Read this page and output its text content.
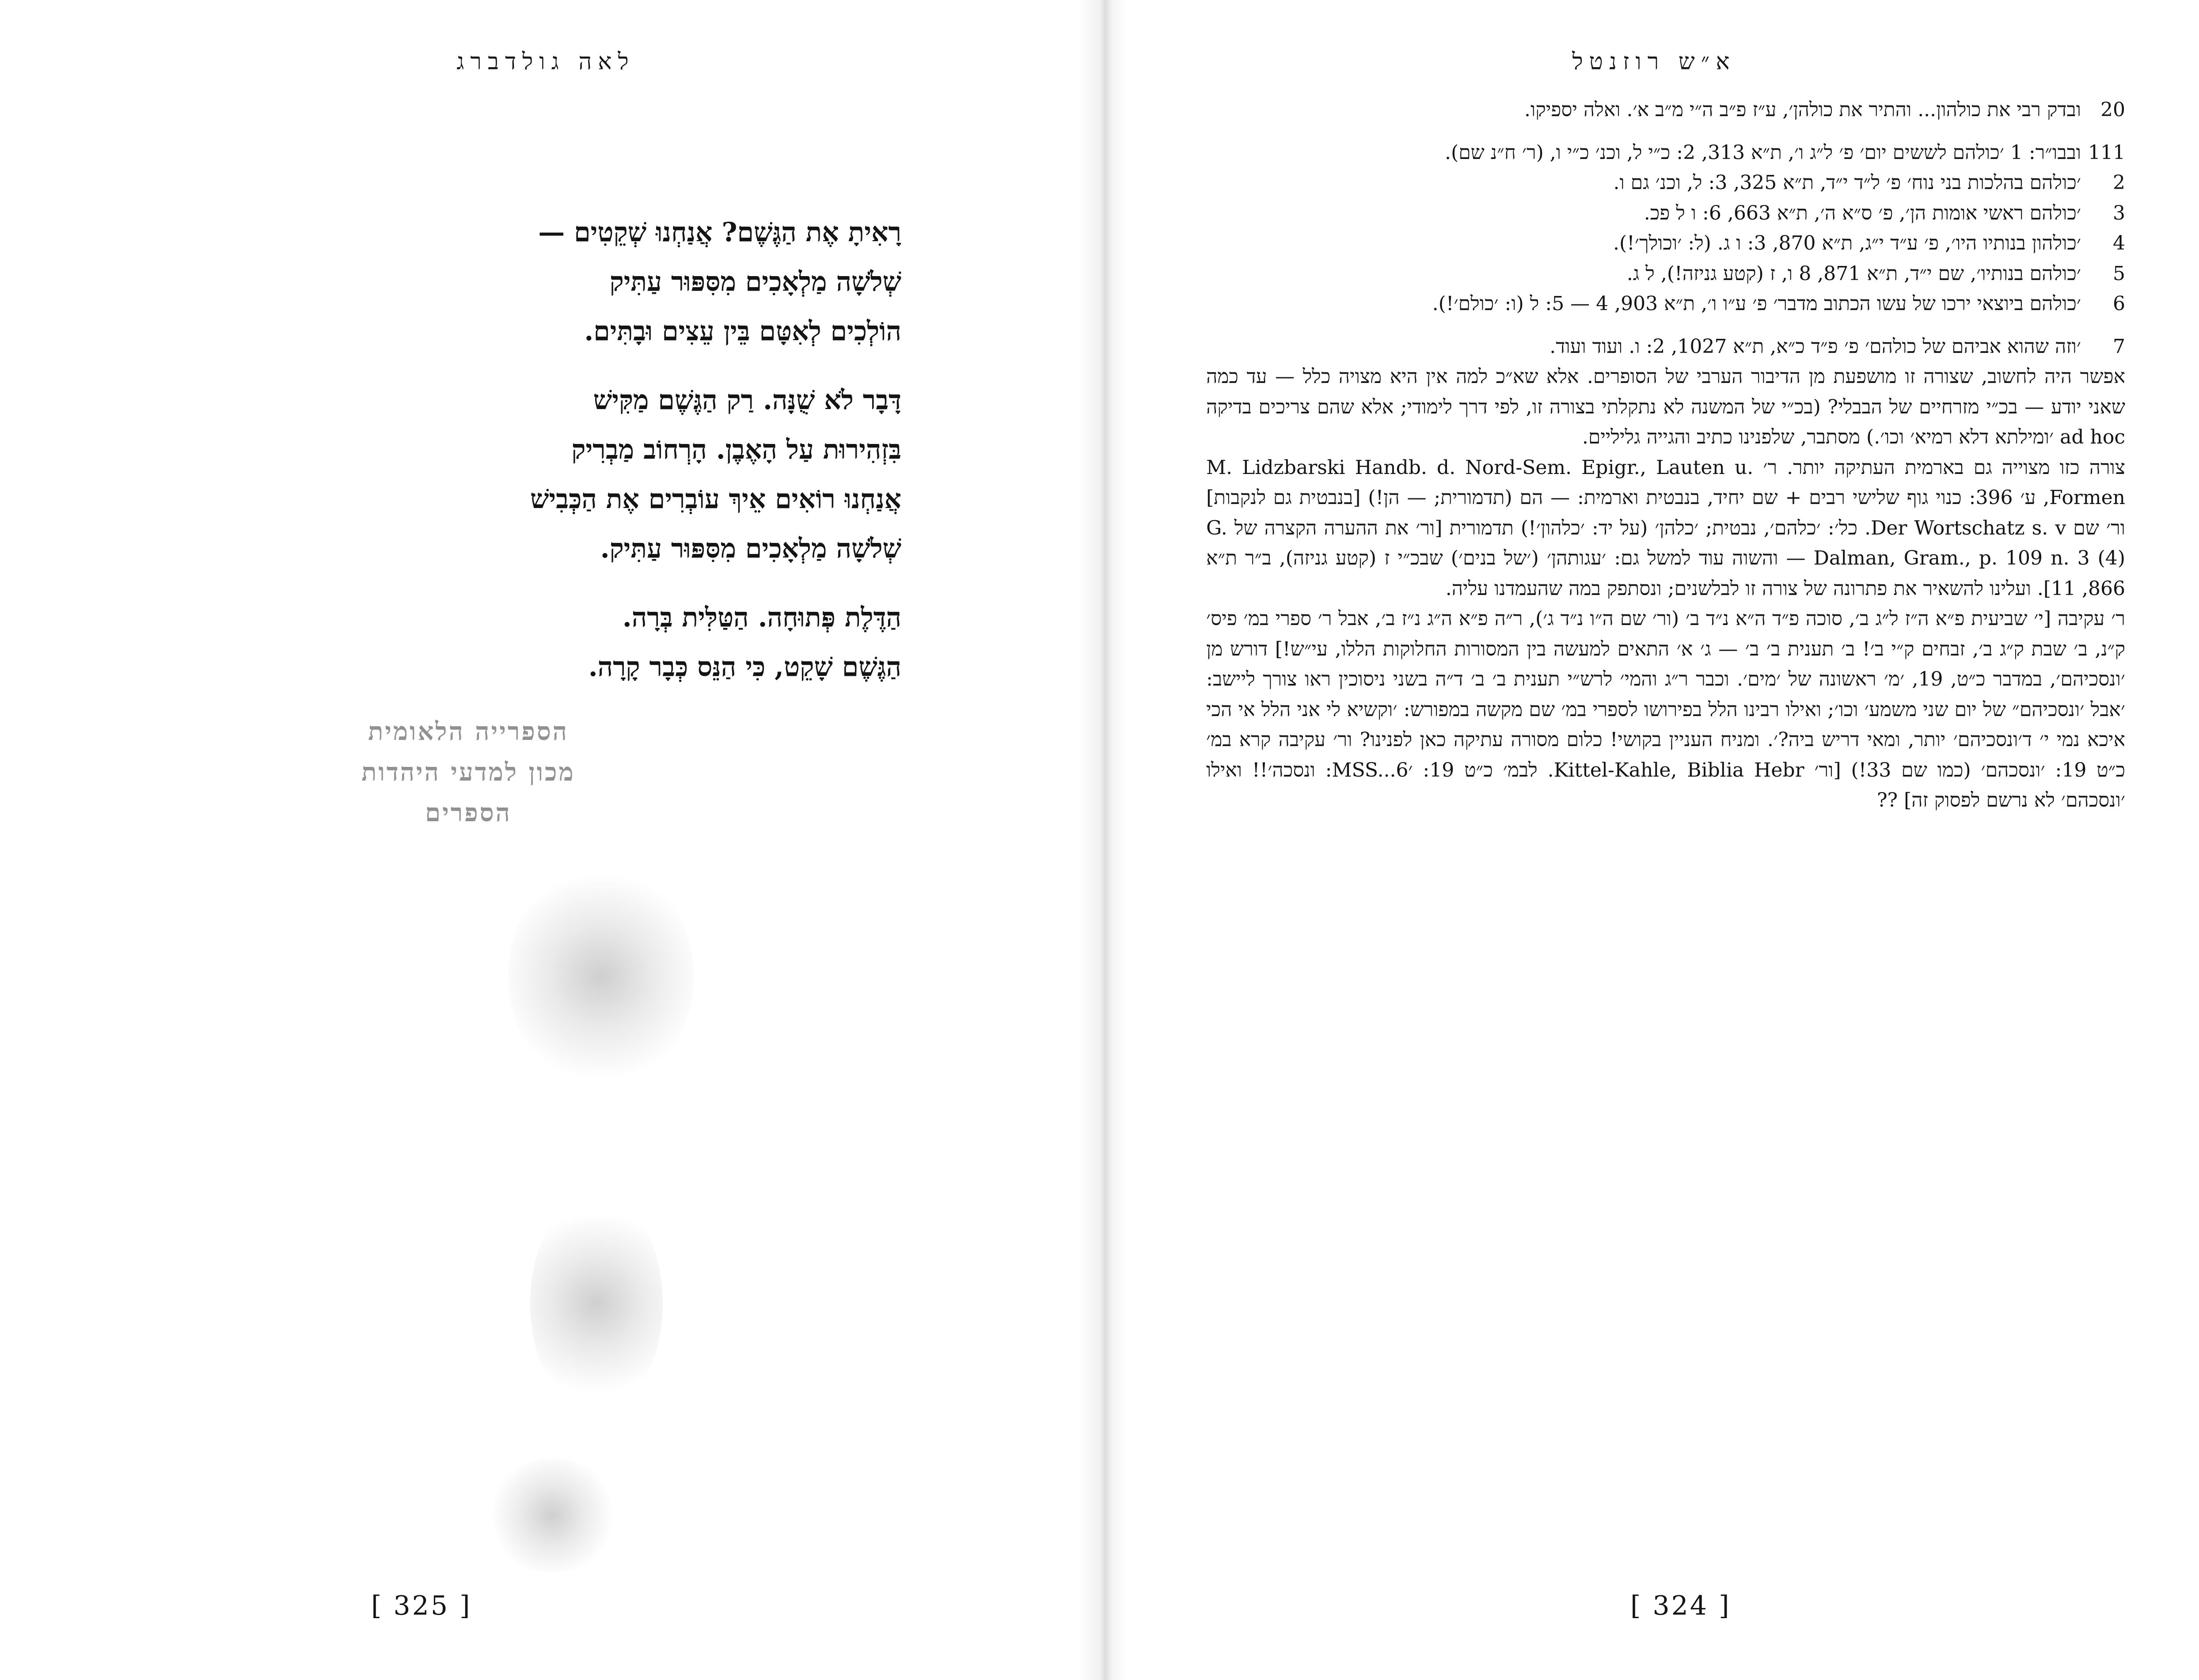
לאה גולדברג
רָאִיתָ אֶת הַגֶּשֶׁם? אֲנַחְנוּ שְׁקֵטִים —
שְׁלֹשָׁה מַלְאָכִים מִסִּפּוּר עַתִּיק
הוֹלְכִים לְאִטָּם בֵּין עֵצִים וּבָתִּים.
דָּבָר לֹא שֻׁנָּה. רַק הַגֶּשֶׁם מַקִּישׁ
בִּזְהִירוּת עַל הָאֶבֶן. הָרְחוֹב מַבְרִיק
אֲנַחְנוּ רוֹאִים אֵיךְ עוֹבְרִים אֶת הַכְּבִישׁ
שְׁלֹשָׁה מַלְאָכִים מִסִּפּוּר עַתִּיק.
הַדֶּלֶת פְּתוּחָה. הַטַּלִּית בְּרָה.
הַגֶּשֶׁם שָׁקֵט, כִּי הַנֵּס כְּבָר קָרָה.
הספרייה הלאומית
מכון למדעי היהדות
הספרים
[ 325 ]
א״ש רוזנטל
20
ובדק רבי את כולהון... והתיר את כולהן׳, ע״ז פ״ב ה״י מ״ב א׳. ואלה יספיקו.
111
ובבו״ר: 1 ׳כולהם לששים יום׳ פ׳ ל״ג ו׳, ת״א 313, 2: כ״י ל, וכנ׳ כ״י ו, (ר׳ ח״נ שם).
2
׳כולהם בהלכות בני נוח׳ פ׳ ל״ד י״ד, ת״א 325, 3: ל, וכנ׳ גם ו.
3
׳כולהם ראשי אומות הן׳, פ׳ ס״א ה׳, ת״א 663, 6: ו ל פכ.
4
׳כולהון בנותיו היו׳, פ׳ ע״ד י״ג, ת״א 870, 3: ו ג. (ל: ׳וכולך׳!).
5
׳כולהם בנותיו׳, שם י״ד, ת״א 871, 8 ו, ז (קטע גניזה!), ל ג.
6
׳כולהם ביוצאי ירכו של עשו הכתוב מדבר׳ פ׳ ע״ו ו׳, ת״א 903, 4 — 5: ל (ו: ׳כולם׳!).
7
׳וזה שהוא אביהם של כולהם׳ פ׳ פ״ד כ״א, ת״א 1027, 2: ו. ועוד ועוד.

אפשר היה לחשוב, שצורה זו מושפעת מן הדיבור הערבי של הסופרים. אלא שא״כ למה אין היא מצויה כלל — עד כמה שאני יודע — בכ״י מזרחיים של הבבלי? (בכ״י של המשנה לא נתקלתי בצורה זו, לפי דרך לימודי; אלא שהם צריכים בדיקה ad hoc ׳ומילתא דלא רמיא׳ וכו׳.) מסתבר, שלפנינו כתיב והגייה גליליים.

צורה כזו מצוייה גם בארמית העתיקה יותר. ר׳ M. Lidzbarski Handb. d. Nord-Sem. Epigr., Lauten u. Formen, ע׳ 396: כנוי גוף שלישי רבים + שם יחיד, בנבטית וארמית: — הם (תדמורית; — הן!) [בנבטית גם לנקבות] ור׳ שם Der Wortschatz s. v. כל׳: ׳כלהם׳, נבטית; ׳כלהן׳ (על יד: ׳כלהון׳!) תדמורית [ור׳ את ההערה הקצרה של G. Dalman, Gram., p. 109 n. 3 (4) — והשוה עוד למשל גם: ׳עגותהן׳ (׳של בנים׳) שבכ״י ז (קטע גניזה), ב״ר ת״א 866, 11]. ועלינו להשאיר את פתרונה של צורה זו לבלשנים; ונסתפק במה שהעמדנו עליה.

ר׳ עקיבה [י׳ שביעית פ״א ה״ז ל״ג ב׳, סוכה פ״ד ה״א נ״ד ב׳ (ור׳ שם ה״ו נ״ד ג׳), ר״ה פ״א ה״ג נ״ז ב׳, אבל ר׳ ספרי במ׳ פיס׳ ק״נ, ב׳ שבת ק״ג ב׳, זבחים ק״י ב׳! ב׳ תענית ב׳ ב׳ — ג׳ א׳ התאים למעשה בין המסורות החלוקות הללו, עי״ש!] דורש מן ׳ונסכיהם׳, במדבר כ״ט, 19, ׳מ׳ ראשונה של ׳מים׳. וכבר ר״ג והמי׳ לרש״י תענית ב׳ ב׳ ד״ה בשני ניסוכין ראו צורך ליישב: ׳אבל ׳ונסכיהם״ של יום שני משמע׳ וכו׳; ואילו רבינו הלל בפירושו לספרי במ׳ שם מקשה במפורש: ׳וקשיא לי אני הלל אי הכי איכא נמי י׳ ד׳ונסכיהם׳ יותר, ומאי דריש ביה?׳. ומניח העניין בקושי! כלום מסורה עתיקה כאן לפנינו? ור׳ עקיבה קרא במ׳ כ״ט 19: ׳ונסכהם׳ (כמו שם 33!) [ור׳ Kittel-Kahle, Biblia Hebr. לבמ׳ כ״ט 19: ׳MSS...6: ונסכה׳!! ואילו ׳ונסכהם׳ לא נרשם לפסוק זה] ??

[ 324 ]
